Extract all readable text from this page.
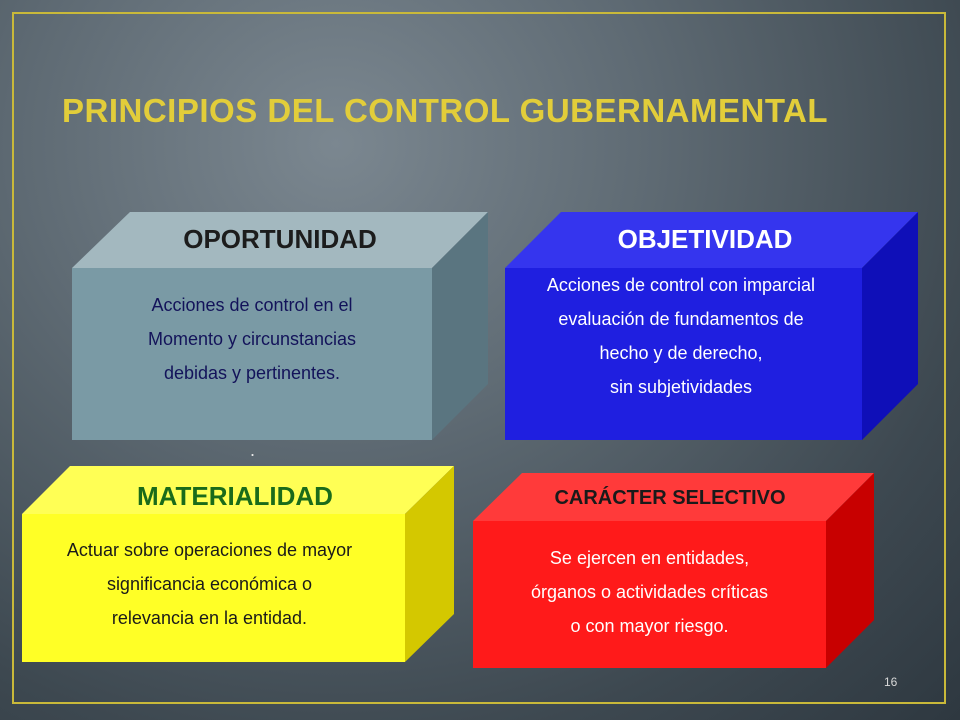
PRINCIPIOS DEL CONTROL GUBERNAMENTAL
OPORTUNIDAD	OBJETIVIDAD
MATERIALIDAD	CARÁCTER SELECTIVO
Acciones de control en el
Momento y circunstancias
debidas y pertinentes.
Acciones de control con imparcial
evaluación de fundamentos de
hecho y de derecho,
sin subjetividades
Actuar sobre operaciones de mayor
significancia económica o
relevancia en la entidad.
Se ejercen en entidades,
órganos o actividades críticas
o con mayor riesgo.
.
16
